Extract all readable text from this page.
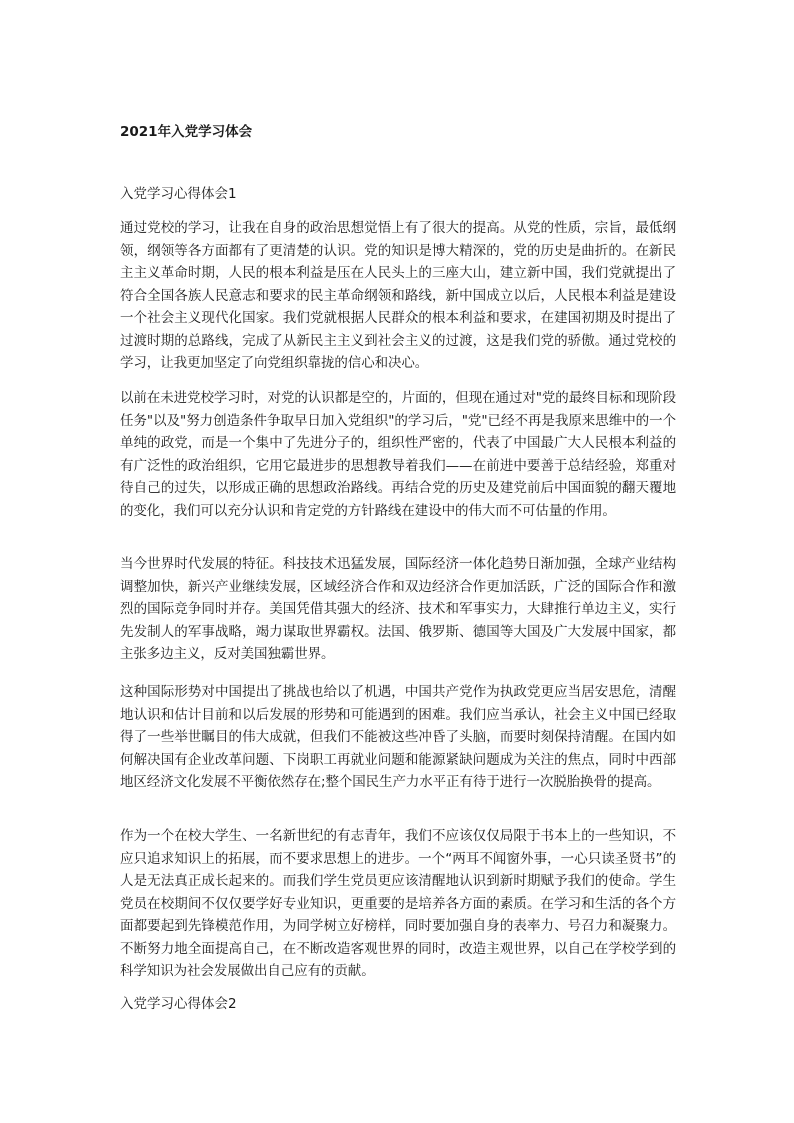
2021年入党学习体会
入党学习心得体会1
通过党校的学习，让我在自身的政治思想觉悟上有了很大的提高。从党的性质，宗旨，最低纲领，纲领等各方面都有了更清楚的认识。党的知识是博大精深的，党的历史是曲折的。在新民主主义革命时期，人民的根本利益是压在人民头上的三座大山，建立新中国，我们党就提出了符合全国各族人民意志和要求的民主革命纲领和路线，新中国成立以后，人民根本利益是建设一个社会主义现代化国家。我们党就根据人民群众的根本利益和要求，在建国初期及时提出了过渡时期的总路线，完成了从新民主主义到社会主义的过渡，这是我们党的骄傲。通过党校的学习，让我更加坚定了向党组织靠拢的信心和决心。
以前在未进党校学习时，对党的认识都是空的，片面的，但现在通过对"党的最终目标和现阶段任务"以及"努力创造条件争取早日加入党组织"的学习后，"党"已经不再是我原来思维中的一个单纯的政党，而是一个集中了先进分子的，组织性严密的，代表了中国最广大人民根本利益的有广泛性的政治组织，它用它最进步的思想教导着我们——在前进中要善于总结经验，郑重对待自己的过失，以形成正确的思想政治路线。再结合党的历史及建党前后中国面貌的翻天覆地的变化，我们可以充分认识和肯定党的方针路线在建设中的伟大而不可估量的作用。
当今世界时代发展的特征。科技技术迅猛发展，国际经济一体化趋势日渐加强，全球产业结构调整加快，新兴产业继续发展，区域经济合作和双边经济合作更加活跃，广泛的国际合作和激烈的国际竞争同时并存。美国凭借其强大的经济、技术和军事实力，大肆推行单边主义，实行先发制人的军事战略，竭力谋取世界霸权。法国、俄罗斯、德国等大国及广大发展中国家，都主张多边主义，反对美国独霸世界。
这种国际形势对中国提出了挑战也给以了机遇，中国共产党作为执政党更应当居安思危，清醒地认识和估计目前和以后发展的形势和可能遇到的困难。我们应当承认，社会主义中国已经取得了一些举世瞩目的伟大成就，但我们不能被这些冲昏了头脑，而要时刻保持清醒。在国内如何解决国有企业改革问题、下岗职工再就业问题和能源紧缺问题成为关注的焦点，同时中西部地区经济文化发展不平衡依然存在;整个国民生产力水平正有待于进行一次脱胎换骨的提高。
作为一个在校大学生、一名新世纪的有志青年，我们不应该仅仅局限于书本上的一些知识，不应只追求知识上的拓展，而不要求思想上的进步。一个“两耳不闻窗外事，一心只读圣贤书”的人是无法真正成长起来的。而我们学生党员更应该清醒地认识到新时期赋予我们的使命。学生党员在校期间不仅仅要学好专业知识，更重要的是培养各方面的素质。在学习和生活的各个方面都要起到先锋模范作用，为同学树立好榜样，同时要加强自身的表率力、号召力和凝聚力。不断努力地全面提高自己，在不断改造客观世界的同时，改造主观世界，以自己在学校学到的科学知识为社会发展做出自己应有的贡献。
入党学习心得体会2
